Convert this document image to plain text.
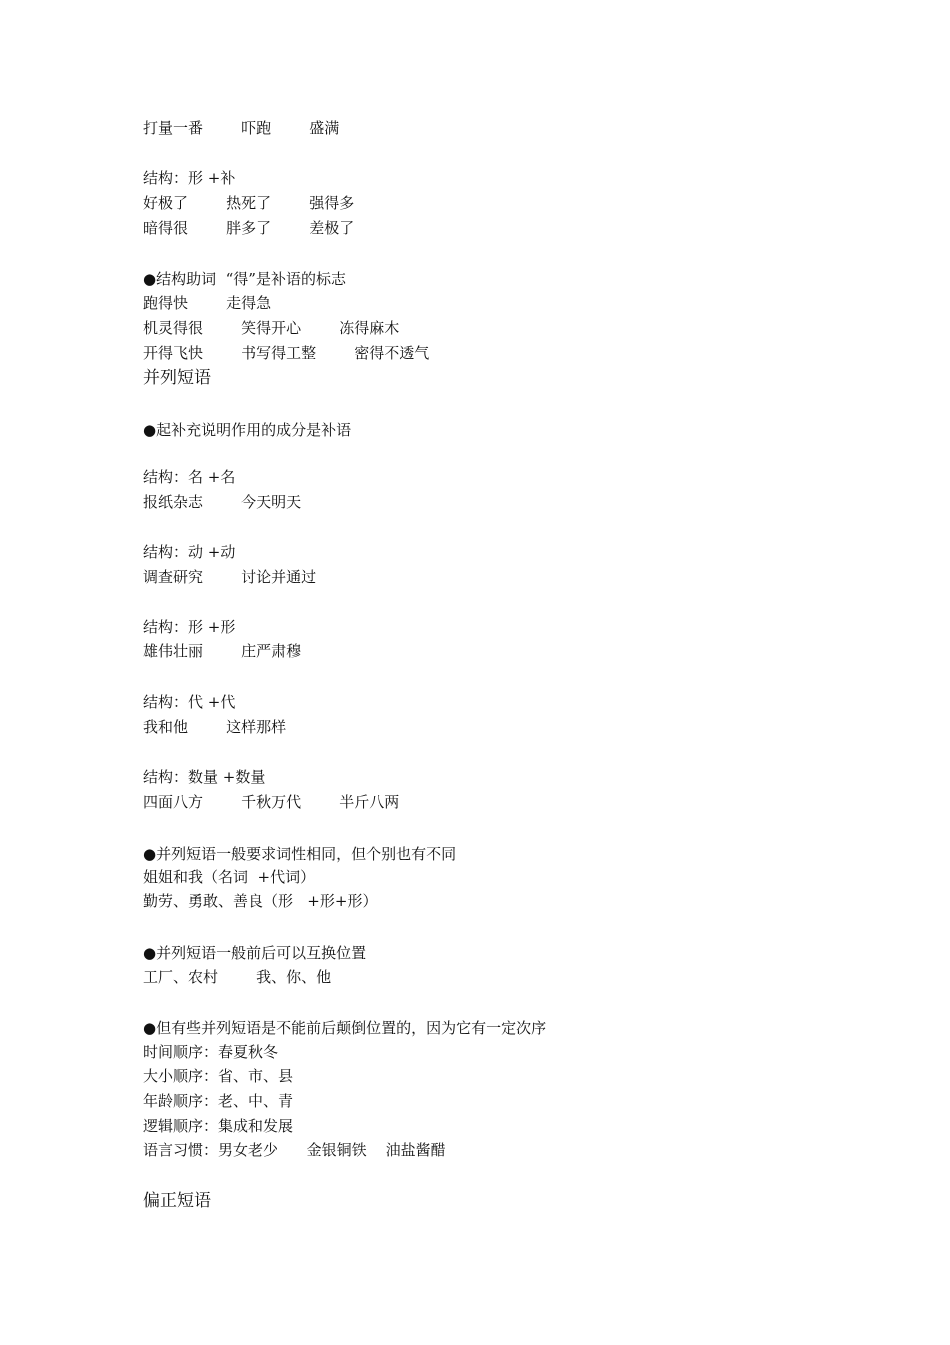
打量一番        吓跑        盛满
结构：形 +补
好极了        热死了        强得多
暗得很        胖多了        差极了
●结构助词  “得”是补语的标志
跑得快        走得急
机灵得很        笑得开心        冻得麻木
开得飞快        书写得工整        密得不透气
并列短语
●起补充说明作用的成分是补语
结构：名 +名
报纸杂志        今天明天
结构：动 +动
调查研究        讨论并通过
结构：形 +形
雄伟壮丽        庄严肃穆
结构：代 +代
我和他        这样那样
结构：数量 +数量
四面八方        千秋万代        半斤八两
●并列短语一般要求词性相同，但个别也有不同
姐姐和我（名词  +代词）
勤劳、勇敢、善良（形   +形+形）
●并列短语一般前后可以互换位置
工厂、农村        我、你、他
●但有些并列短语是不能前后颠倒位置的，因为它有一定次序
时间顺序：春夏秋冬
大小顺序：省、市、县
年龄顺序：老、中、青
逻辑顺序：集成和发展
语言习惯：男女老少      金银铜铁    油盐酱醋
偏正短语
